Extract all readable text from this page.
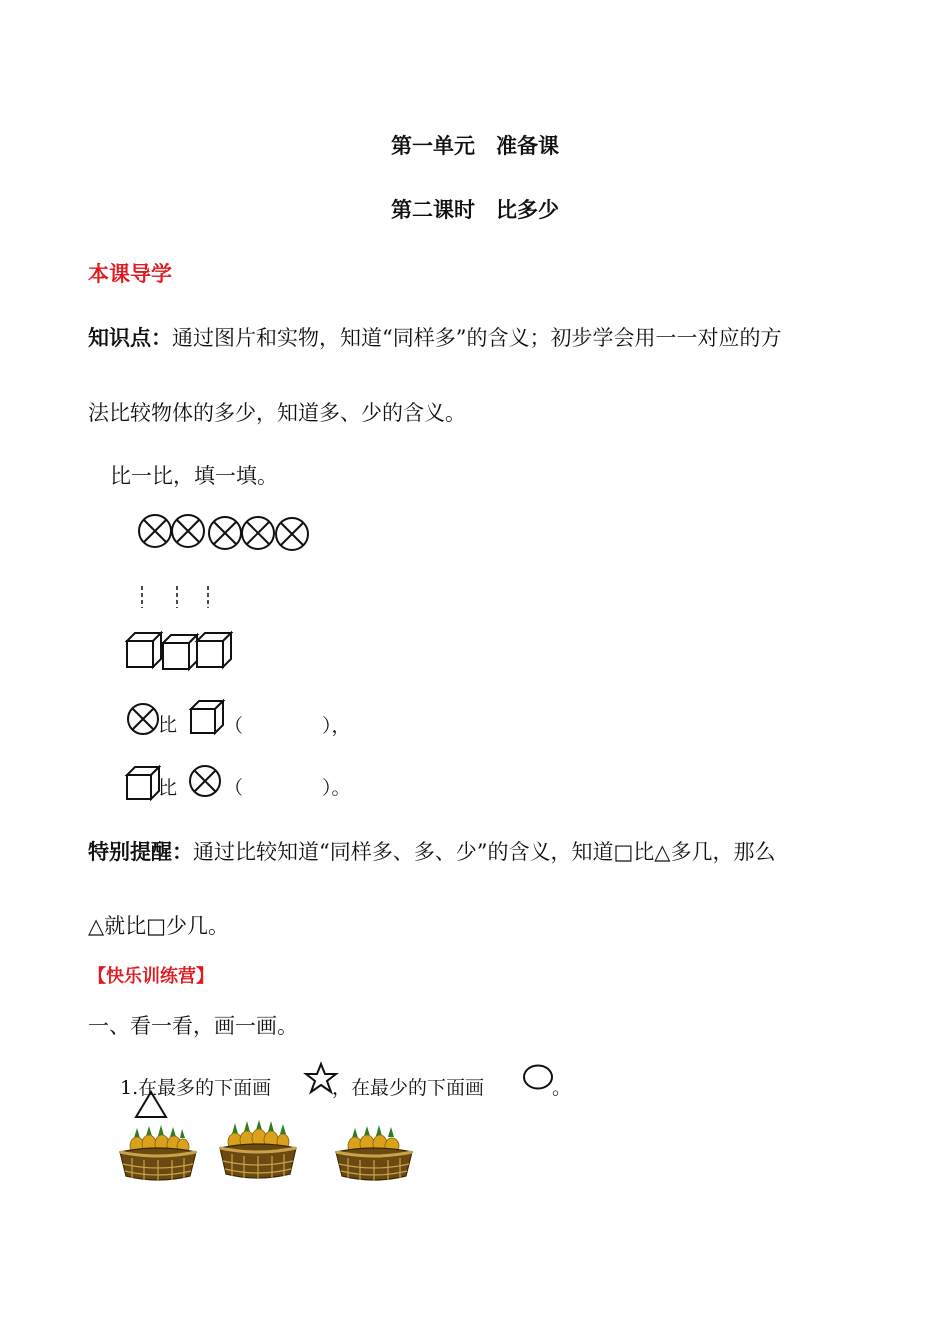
第一单元　准备课
第二课时　比多少
本课导学
知识点：通过图片和实物，知道“同样多”的含义；初步学会用一一对应的方
法比较物体的多少，知道多、少的含义。
比一比，填一填。
比 （	），
比 （	）。
特别提醒：通过比较知道“同样多、多、少”的含义，知道□比△多几，那么
△就比□少几。
【快乐训练营】
一、看一看，画一画。
1.在最多的下面画	，在最少的下面画	。
